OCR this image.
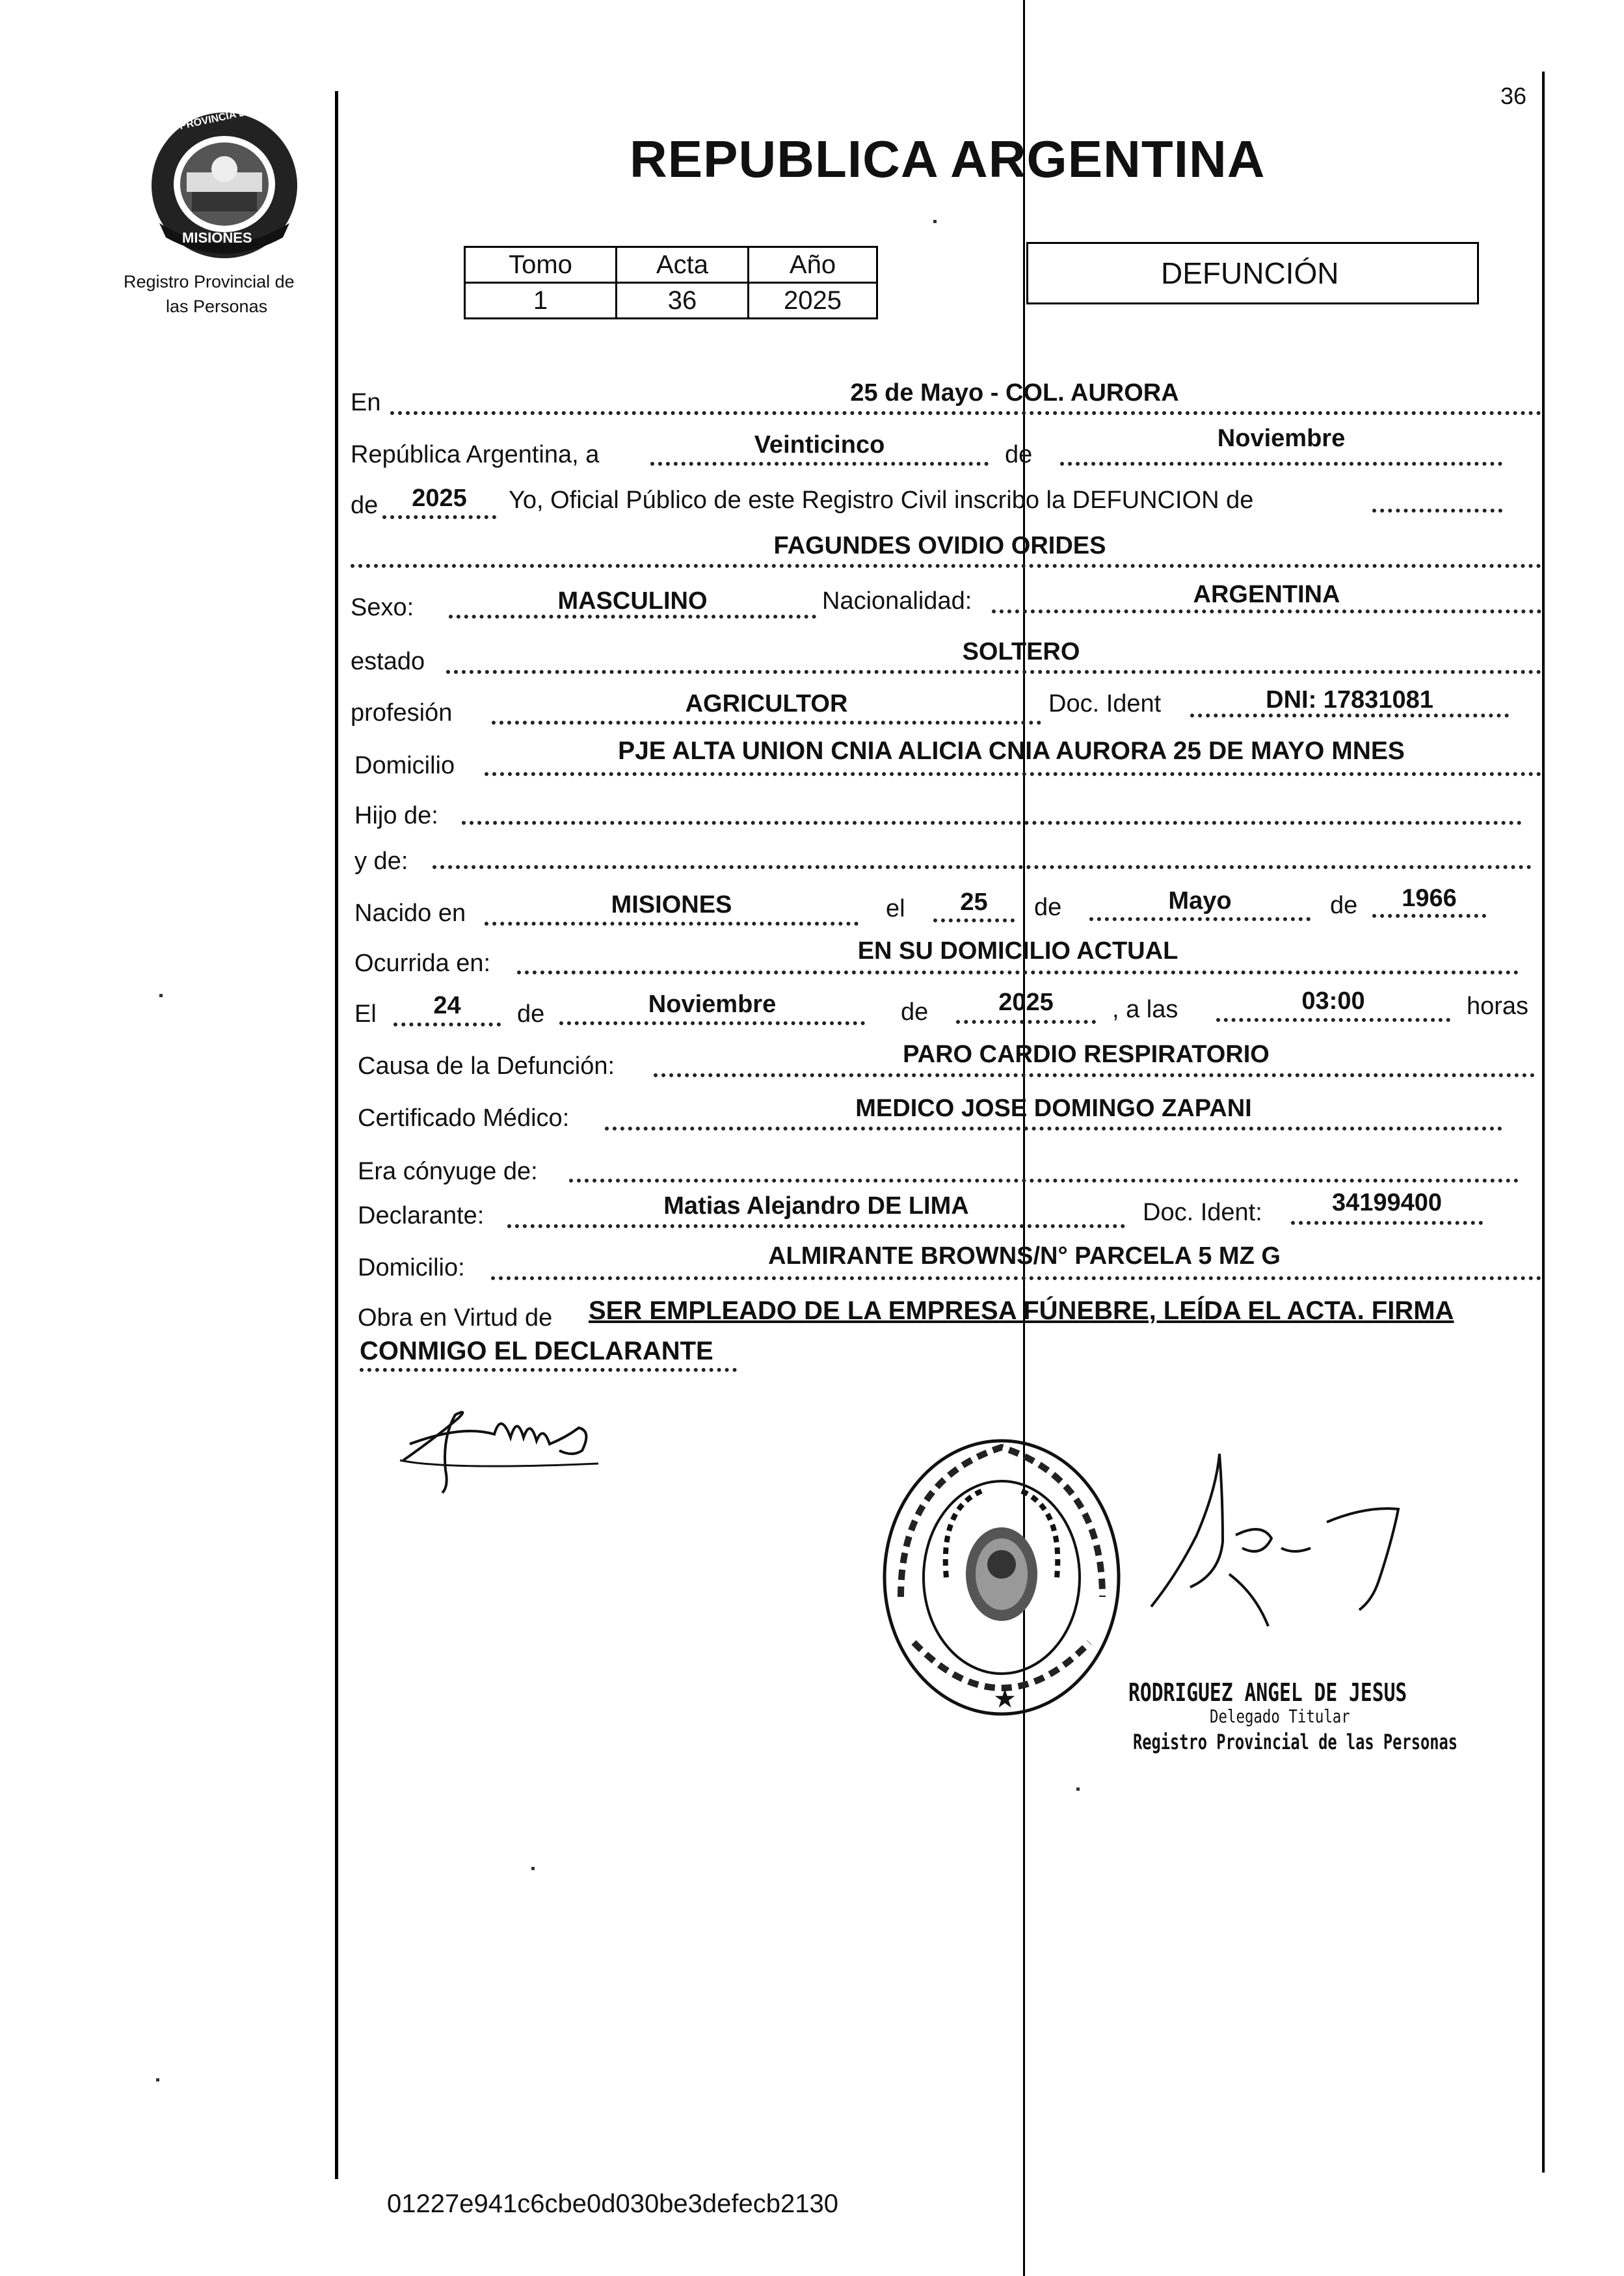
36
PROVINCIA DE
MISIONES
Registro Provincial de
las Personas
REPUBLICA ARGENTINA
Tomo	Acta	Año
1	36	2025
DEFUNCIÓN
En	25 de Mayo - COL. AURORA
República Argentina, a	Veinticinco	de
Noviembre
de	2025	Yo, Oficial Público de este Registro Civil inscribo la DEFUNCION de
FAGUNDES OVIDIO ORIDES
Sexo:	MASCULINO	Nacionalidad:	ARGENTINA
estado	SOLTERO
profesión	AGRICULTOR	Doc. Ident	DNI: 17831081
Domicilio
PJE ALTA UNION CNIA ALICIA CNIA AURORA 25 DE MAYO MNES
Hijo de:
y de:
Nacido en	MISIONES	el	25	de	Mayo	de	1966
Ocurrida en:	EN SU DOMICILIO ACTUAL
El	24	de	Noviembre	de	2025	, a las	03:00	horas
Causa de la Defunción:	PARO CARDIO RESPIRATORIO
Certificado Médico:	MEDICO JOSE DOMINGO ZAPANI
Era cónyuge de:
Declarante:	Matias Alejandro DE LIMA	Doc. Ident:	34199400
Domicilio:	ALMIRANTE BROWNS/N° PARCELA 5 MZ G
Obra en Virtud de SER EMPLEADO DE LA EMPRESA FÚNEBRE, LEÍDA EL ACTA. FIRMA
CONMIGO EL DECLARANTE
★	RODRIGUEZ ANGEL DE JESUS
Delegado Titular
Registro Provincial de las Personas
01227e941c6cbe0d030be3defecb2130
